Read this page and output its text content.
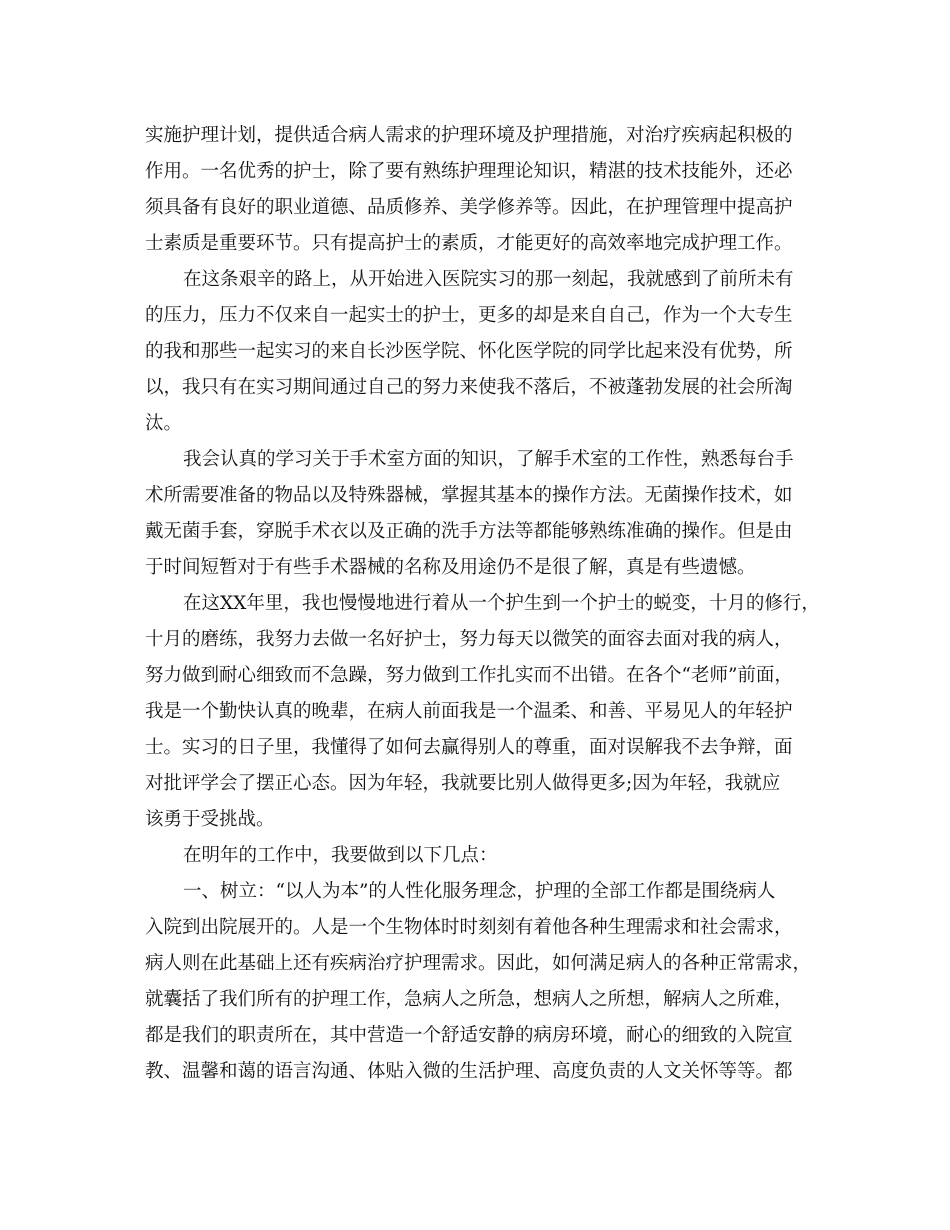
实施护理计划，提供适合病人需求的护理环境及护理措施，对治疗疾病起积极的

作用。一名优秀的护士，除了要有熟练护理理论知识，精湛的技术技能外，还必

须具备有良好的职业道德、品质修养、美学修养等。因此，在护理管理中提高护

士素质是重要环节。只有提高护士的素质，才能更好的高效率地完成护理工作。

在这条艰辛的路上，从开始进入医院实习的那一刻起，我就感到了前所未有

的压力，压力不仅来自一起实士的护士，更多的却是来自自己，作为一个大专生

的我和那些一起实习的来自长沙医学院、怀化医学院的同学比起来没有优势，所

以，我只有在实习期间通过自己的努力来使我不落后，不被蓬勃发展的社会所淘

汰。

我会认真的学习关于手术室方面的知识，了解手术室的工作性，熟悉每台手

术所需要准备的物品以及特殊器械，掌握其基本的操作方法。无菌操作技术，如

戴无菌手套，穿脱手术衣以及正确的洗手方法等都能够熟练准确的操作。但是由

于时间短暂对于有些手术器械的名称及用途仍不是很了解，真是有些遗憾。

在这XX年里，我也慢慢地进行着从一个护生到一个护士的蜕变，十月的修行，

十月的磨练，我努力去做一名好护士，努力每天以微笑的面容去面对我的病人，

努力做到耐心细致而不急躁，努力做到工作扎实而不出错。在各个“老师”前面，

我是一个勤快认真的晚辈，在病人前面我是一个温柔、和善、平易见人的年轻护

士。实习的日子里，我懂得了如何去赢得别人的尊重，面对误解我不去争辩，面

对批评学会了摆正心态。因为年轻，我就要比别人做得更多;因为年轻，我就应

该勇于受挑战。

在明年的工作中，我要做到以下几点：

一、树立：“以人为本”的人性化服务理念，护理的全部工作都是围绕病人

入院到出院展开的。人是一个生物体时时刻刻有着他各种生理需求和社会需求，

病人则在此基础上还有疾病治疗护理需求。因此，如何满足病人的各种正常需求，

就囊括了我们所有的护理工作，急病人之所急，想病人之所想，解病人之所难，

都是我们的职责所在，其中营造一个舒适安静的病房环境，耐心的细致的入院宣

教、温馨和蔼的语言沟通、体贴入微的生活护理、高度负责的人文关怀等等。都
